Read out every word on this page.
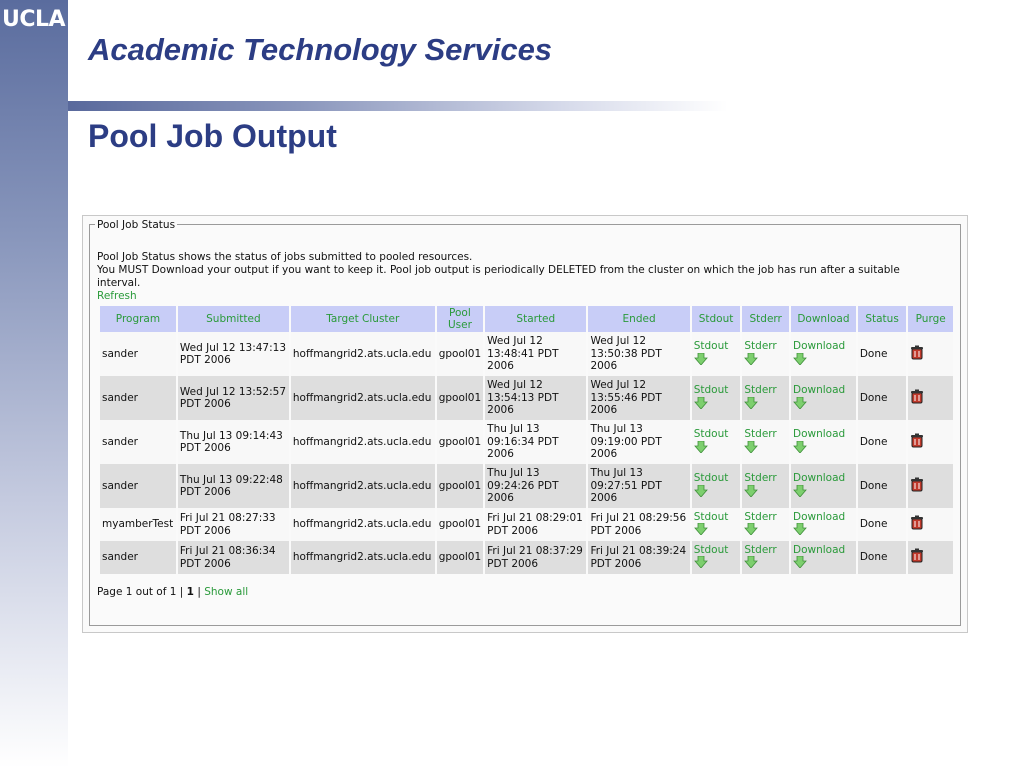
UCLA
Academic Technology Services
Pool Job Output
Pool Job Status
Pool Job Status shows the status of jobs submitted to pooled resources.
You MUST Download your output if you want to keep it. Pool job output is periodically DELETED from the cluster on which the job has run after a suitable interval.
Refresh
Program	Submitted	Target Cluster	Pool User	Started	Ended	Stdout	Stderr	Download	Status	Purge
sander	Wed Jul 12 13:47:13 PDT 2006	hoffmangrid2.ats.ucla.edu	gpool01	Wed Jul 12 13:48:41 PDT 2006	Wed Jul 12 13:50:38 PDT 2006	Stdout	Stderr	Download	Done	
sander	Wed Jul 12 13:52:57 PDT 2006	hoffmangrid2.ats.ucla.edu	gpool01	Wed Jul 12 13:54:13 PDT 2006	Wed Jul 12 13:55:46 PDT 2006	Stdout	Stderr	Download	Done	
sander	Thu Jul 13 09:14:43 PDT 2006	hoffmangrid2.ats.ucla.edu	gpool01	Thu Jul 13 09:16:34 PDT 2006	Thu Jul 13 09:19:00 PDT 2006	Stdout	Stderr	Download	Done	
sander	Thu Jul 13 09:22:48 PDT 2006	hoffmangrid2.ats.ucla.edu	gpool01	Thu Jul 13 09:24:26 PDT 2006	Thu Jul 13 09:27:51 PDT 2006	Stdout	Stderr	Download	Done	
myamberTest	Fri Jul 21 08:27:33 PDT 2006	hoffmangrid2.ats.ucla.edu	gpool01	Fri Jul 21 08:29:01 PDT 2006	Fri Jul 21 08:29:56 PDT 2006	Stdout	Stderr	Download	Done	
sander	Fri Jul 21 08:36:34 PDT 2006	hoffmangrid2.ats.ucla.edu	gpool01	Fri Jul 21 08:37:29 PDT 2006	Fri Jul 21 08:39:24 PDT 2006	Stdout	Stderr	Download	Done	
Page 1 out of 1 | 1 | Show all
